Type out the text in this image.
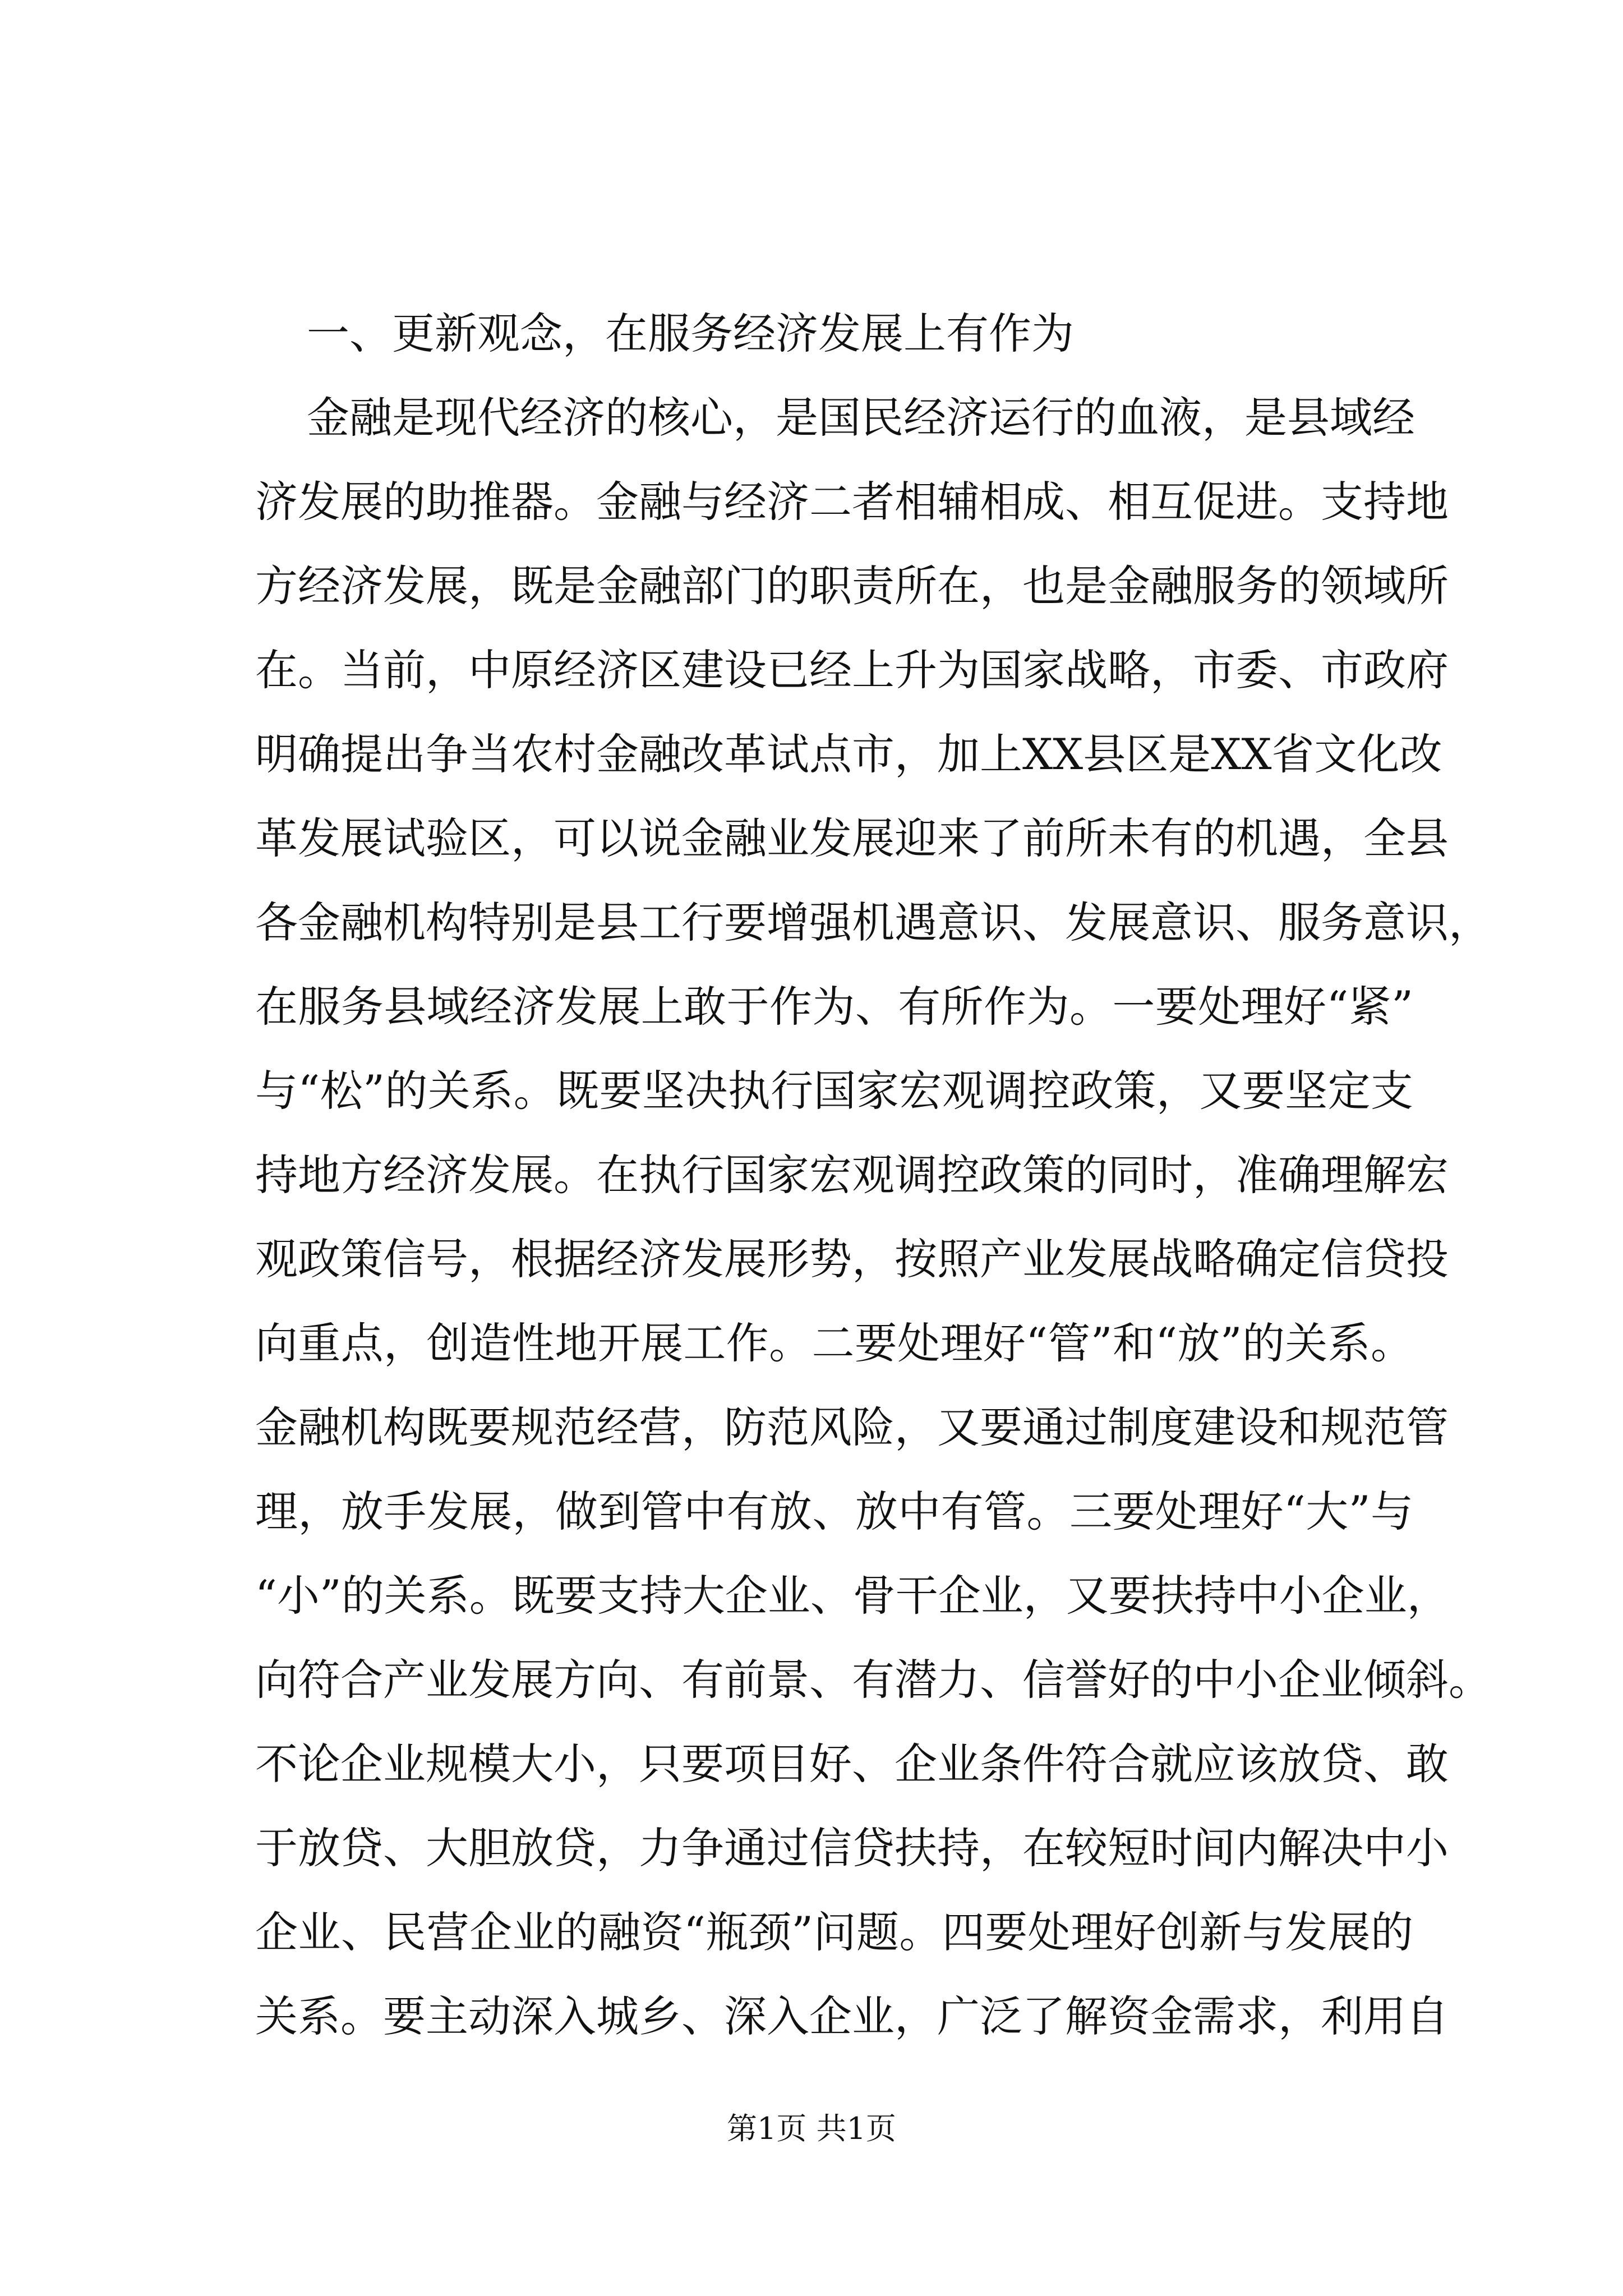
一、更新观念，在服务经济发展上有作为
金融是现代经济的核心，是国民经济运行的血液，是县域经
济发展的助推器。金融与经济二者相辅相成、相互促进。支持地
方经济发展，既是金融部门的职责所在，也是金融服务的领域所
在。当前，中原经济区建设已经上升为国家战略，市委、市政府
明确提出争当农村金融改革试点市，加上XX县区是XX省文化改
革发展试验区，可以说金融业发展迎来了前所未有的机遇，全县
各金融机构特别是县工行要增强机遇意识、发展意识、服务意识，
在服务县域经济发展上敢于作为、有所作为。一要处理好“紧”
与“松”的关系。既要坚决执行国家宏观调控政策，又要坚定支
持地方经济发展。在执行国家宏观调控政策的同时，准确理解宏
观政策信号，根据经济发展形势，按照产业发展战略确定信贷投
向重点，创造性地开展工作。二要处理好“管”和“放”的关系。
金融机构既要规范经营，防范风险，又要通过制度建设和规范管
理，放手发展，做到管中有放、放中有管。三要处理好“大”与
“小”的关系。既要支持大企业、骨干企业，又要扶持中小企业，
向符合产业发展方向、有前景、有潜力、信誉好的中小企业倾斜。
不论企业规模大小，只要项目好、企业条件符合就应该放贷、敢
于放贷、大胆放贷，力争通过信贷扶持，在较短时间内解决中小
企业、民营企业的融资“瓶颈”问题。四要处理好创新与发展的
关系。要主动深入城乡、深入企业，广泛了解资金需求，利用自
第1页 共1页
